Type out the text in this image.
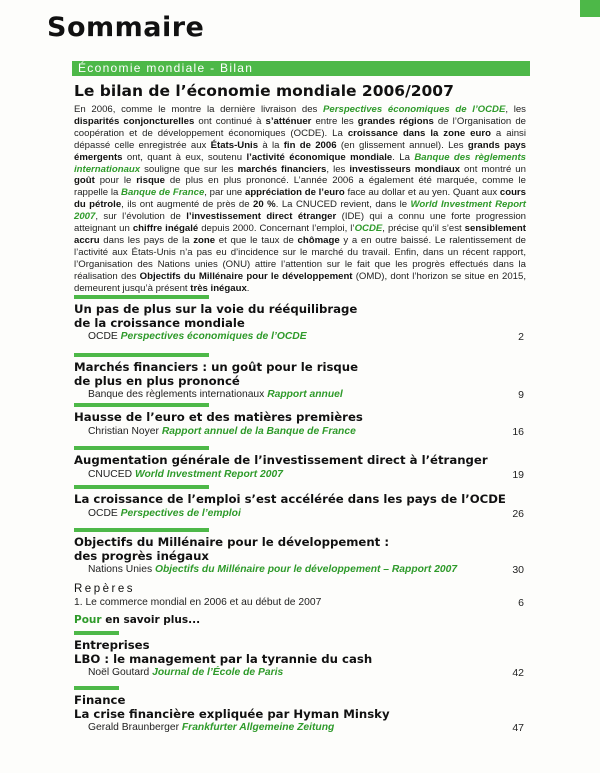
Sommaire
Économie mondiale - Bilan
Le bilan de l’économie mondiale 2006/2007

En 2006, comme le montre la dernière livraison des Perspectives économiques de l’OCDE, les disparités conjoncturelles ont continué à s’atténuer entre les grandes régions de l’Organisation de coopération et de développement économiques (OCDE). La croissance dans la zone euro a ainsi dépassé celle enregistrée aux États-Unis à la fin de 2006 (en glissement annuel). Les grands pays émergents ont, quant à eux, soutenu l’activité économique mondiale. La Banque des règlements internationaux souligne que sur les marchés financiers, les investisseurs mondiaux ont montré un goût pour le risque de plus en plus prononcé. L’année 2006 a également été marquée, comme le rappelle la Banque de France, par une appréciation de l’euro face au dollar et au yen. Quant aux cours du pétrole, ils ont augmenté de près de 20 %. La CNUCED revient, dans le World Investment Report 2007, sur l’évolution de l’investissement direct étranger (IDE) qui a connu une forte progression atteignant un chiffre inégalé depuis 2000. Concernant l’emploi, l’OCDE, précise qu’il s’est sensiblement accru dans les pays de la zone et que le taux de chômage y a en outre baissé. Le ralentissement de l’activité aux États-Unis n’a pas eu d’incidence sur le marché du travail. Enfin, dans un récent rapport, l’Organisation des Nations unies (ONU) attire l’attention sur le fait que les progrès effectués dans la réalisation des Objectifs du Millénaire pour le développement (OMD), dont l’horizon se situe en 2015, demeurent jusqu’à présent très inégaux.

Un pas de plus sur la voie du rééquilibrage
de la croissance mondiale
OCDE Perspectives économiques de l’OCDE	2
Marchés financiers : un goût pour le risque
de plus en plus prononcé
Banque des règlements internationaux Rapport annuel	9
Hausse de l’euro et des matières premières
Christian Noyer Rapport annuel de la Banque de France	16
Augmentation générale de l’investissement direct à l’étranger
CNUCED World Investment Report 2007	19
La croissance de l’emploi s’est accélérée dans les pays de l’OCDE
OCDE Perspectives de l’emploi	26
Objectifs du Millénaire pour le développement :
des progrès inégaux
Nations Unies Objectifs du Millénaire pour le développement – Rapport 2007	30
Repères
1. Le commerce mondial en 2006 et au début de 2007	6
Pour en savoir plus...
Entreprises
LBO : le management par la tyrannie du cash
Noël Goutard Journal de l’École de Paris	42
Finance
La crise financière expliquée par Hyman Minsky
Gerald Braunberger Frankfurter Allgemeine Zeitung	47
